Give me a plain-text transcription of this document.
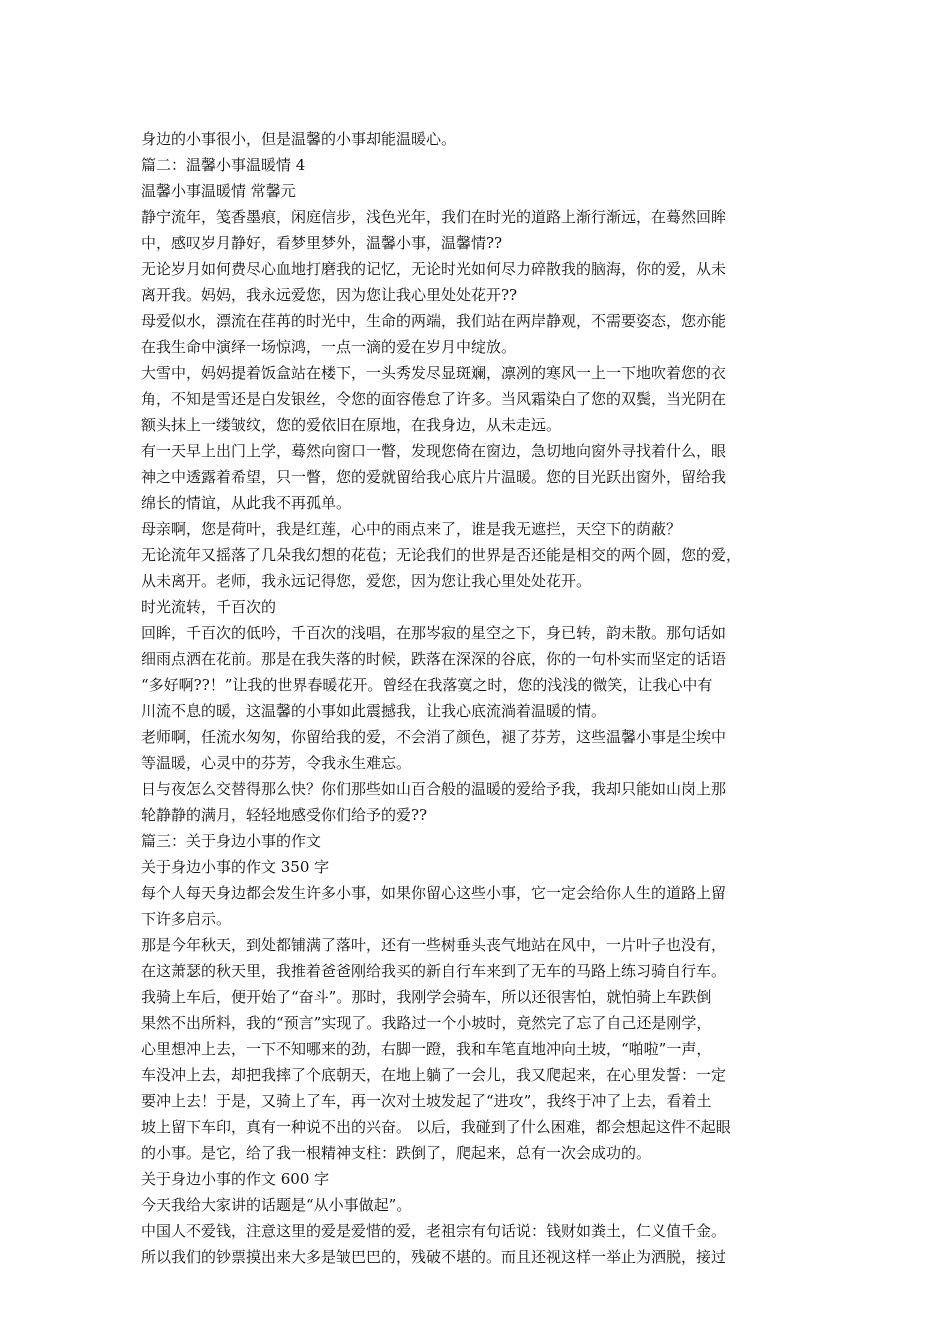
身边的小事很小，但是温馨的小事却能温暖心。
篇二：温馨小事温暖情 4
温馨小事温暖情 常馨元
静宁流年，笺香墨痕，闲庭信步，浅色光年，我们在时光的道路上渐行渐远，在蓦然回眸
中，感叹岁月静好，看梦里梦外，温馨小事，温馨情??
无论岁月如何费尽心血地打磨我的记忆，无论时光如何尽力碎散我的脑海，你的爱，从未
离开我。妈妈，我永远爱您，因为您让我心里处处花开??
母爱似水，漂流在荏苒的时光中，生命的两端，我们站在两岸静观，不需要姿态，您亦能
在我生命中演绎一场惊鸿，一点一滴的爱在岁月中绽放。
大雪中，妈妈提着饭盒站在楼下，一头秀发尽显斑斓，凛冽的寒风一上一下地吹着您的衣
角，不知是雪还是白发银丝，令您的面容倦怠了许多。当风霜染白了您的双鬓，当光阴在
额头抹上一缕皱纹，您的爱依旧在原地，在我身边，从未走远。
有一天早上出门上学，蓦然向窗口一瞥，发现您倚在窗边，急切地向窗外寻找着什么，眼
神之中透露着希望，只一瞥，您的爱就留给我心底片片温暖。您的目光跃出窗外，留给我
绵长的情谊，从此我不再孤单。
母亲啊，您是荷叶，我是红莲，心中的雨点来了，谁是我无遮拦，天空下的荫蔽？
无论流年又摇落了几朵我幻想的花苞；无论我们的世界是否还能是相交的两个圆，您的爱，
从未离开。老师，我永远记得您，爱您，因为您让我心里处处花开。
时光流转，千百次的
回眸，千百次的低吟，千百次的浅唱，在那岑寂的星空之下，身已转，韵未散。那句话如
细雨点洒在花前。那是在我失落的时候，跌落在深深的谷底，你的一句朴实而坚定的话语
“多好啊??！”让我的世界春暖花开。曾经在我落寞之时，您的浅浅的微笑，让我心中有
川流不息的暖，这温馨的小事如此震撼我，让我心底流淌着温暖的情。
老师啊，任流水匆匆，你留给我的爱，不会消了颜色，褪了芬芳，这些温馨小事是尘埃中
等温暖，心灵中的芬芳，令我永生难忘。
日与夜怎么交替得那么快？你们那些如山百合般的温暖的爱给予我，我却只能如山岗上那
轮静静的满月，轻轻地感受你们给予的爱??
篇三：关于身边小事的作文
关于身边小事的作文 350 字
每个人每天身边都会发生许多小事，如果你留心这些小事，它一定会给你人生的道路上留
下许多启示。
那是今年秋天，到处都铺满了落叶，还有一些树垂头丧气地站在风中，一片叶子也没有，
在这萧瑟的秋天里，我推着爸爸刚给我买的新自行车来到了无车的马路上练习骑自行车。
我骑上车后，便开始了“奋斗”。那时，我刚学会骑车，所以还很害怕，就怕骑上车跌倒
果然不出所料，我的“预言”实现了。我路过一个小坡时，竟然完了忘了自己还是刚学，
心里想冲上去，一下不知哪来的劲，右脚一蹬，我和车笔直地冲向土坡，“啪啦”一声，
车没冲上去，却把我摔了个底朝天，在地上躺了一会儿，我又爬起来，在心里发誓：一定
要冲上去！于是，又骑上了车，再一次对土坡发起了“进攻”，我终于冲了上去，看着土
坡上留下车印，真有一种说不出的兴奋。 以后，我碰到了什么困难，都会想起这件不起眼
的小事。是它，给了我一根精神支柱：跌倒了，爬起来，总有一次会成功的。
关于身边小事的作文 600 字
今天我给大家讲的话题是“从小事做起”。
中国人不爱钱，注意这里的爱是爱惜的爱，老祖宗有句话说：钱财如粪土，仁义值千金。
所以我们的钞票摸出来大多是皱巴巴的，残破不堪的。而且还视这样一举止为洒脱，接过
